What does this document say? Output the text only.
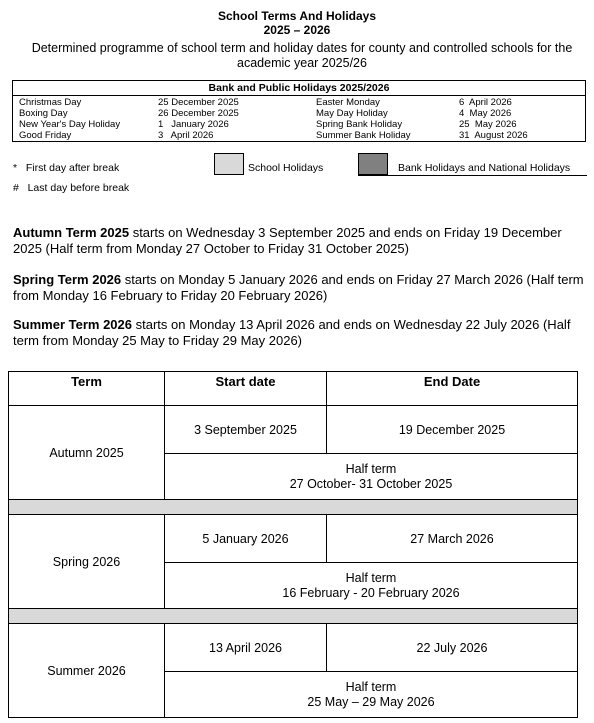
School Terms And Holidays
2025 – 2026
Determined programme of school term and holiday dates for county and controlled schools for the academic year 2025/26
Bank and Public Holidays 2025/2026
Christmas Day	25 December 2025	Easter Monday	6  April 2026
Boxing Day	26 December 2025	May Day Holiday	4  May 2026
New Year's Day Holiday	1   January 2026	Spring Bank Holiday	25  May 2026
Good Friday	3   April 2026	Summer Bank Holiday	31  August 2026
*   First day after break
#   Last day before break
School Holidays	Bank Holidays and National Holidays
Autumn Term 2025 starts on Wednesday 3 September 2025 and ends on Friday 19 December 2025 (Half term from Monday 27 October to Friday 31 October 2025)
Spring Term 2026 starts on Monday 5 January 2026 and ends on Friday 27 March 2026 (Half term from Monday 16 February to Friday 20 February 2026)
Summer Term 2026 starts on Monday 13 April 2026 and ends on Wednesday 22 July 2026 (Half term from Monday 25 May to Friday 29 May 2026)
Term	Start date	End Date
Autumn 2025	3 September 2025	19 December 2025

	Half term
27 October- 31 October 2025	

Spring 2026	5 January 2026	27 March 2026

	Half term
16 February - 20 February 2026	

Summer 2026	13 April 2026	22 July 2026

	Half term
25 May – 29 May 2026	
